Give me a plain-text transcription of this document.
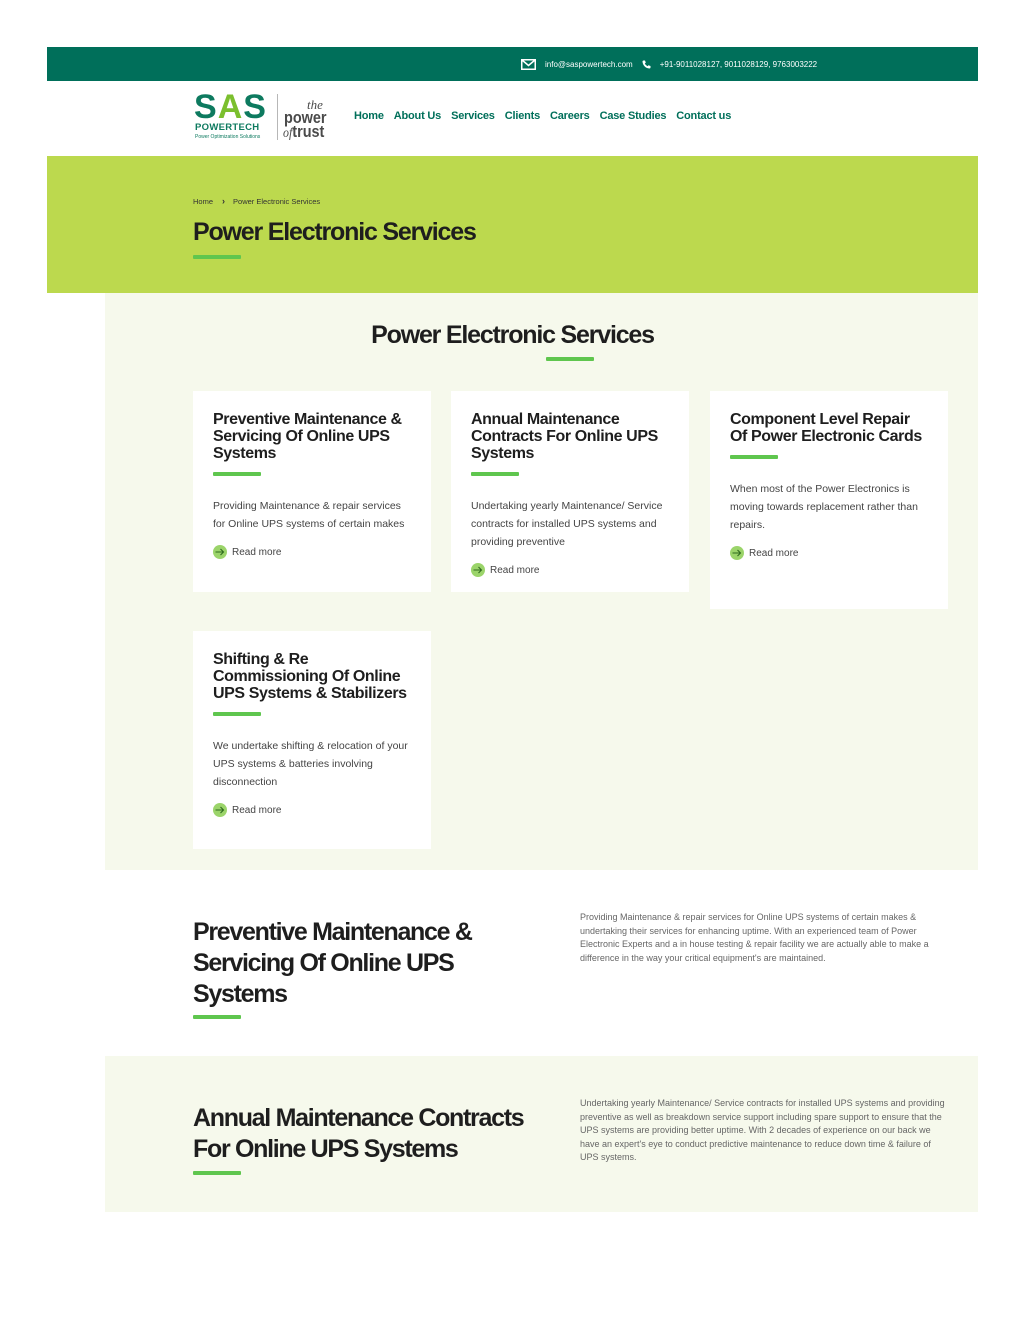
info@saspowertech.com	+91-9011028127, 9011028129, 9763003222
SAS
POWERTECH
Power Optimization Solutions
the
power
oftrust
Home About Us Services Clients Careers Case Studies Contact us
Home › Power Electronic Services
Power Electronic Services
Power Electronic Services
Preventive Maintenance & Servicing Of Online UPS Systems

Providing Maintenance & repair services for Online UPS systems of certain makes

Read more
Annual Maintenance Contracts For Online UPS Systems

Undertaking yearly Maintenance/ Service contracts for installed UPS systems and providing preventive

Read more
Component Level Repair Of Power Electronic Cards

When most of the Power Electronics is moving towards replacement rather than
repairs.

Read more
Shifting & Re Commissioning Of Online UPS Systems & Stabilizers

We undertake shifting & relocation of your UPS systems & batteries involving disconnection

Read more
Preventive Maintenance & Servicing Of Online UPS Systems

Providing Maintenance & repair services for Online UPS systems of certain makes & undertaking their services for enhancing uptime. With an experienced team of Power Electronic Experts and a in house testing & repair facility we are actually able to make a difference in the way your critical equipment's are maintained.

Annual Maintenance Contracts For Online UPS Systems

Undertaking yearly Maintenance/ Service contracts for installed UPS systems and providing preventive as well as breakdown service support including spare support to ensure that the UPS systems are providing better uptime. With 2 decades of experience on our back we have an expert's eye to conduct predictive maintenance to reduce down time & failure of UPS systems.
